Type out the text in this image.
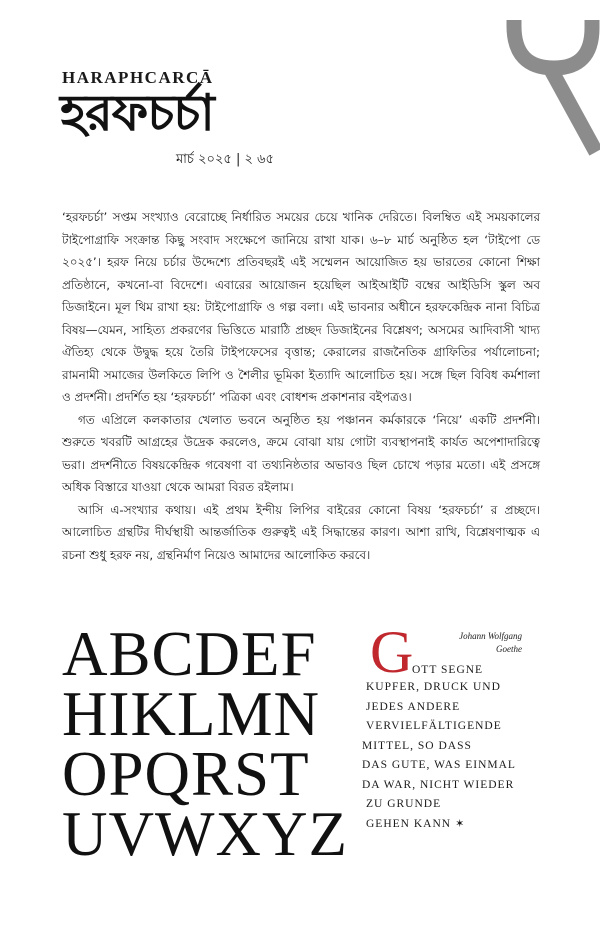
HARAPHCARCĀ
হরফচর্চা
মার্চ ২০২৫ | ২ ৬৫

‘হরফচর্চা’ সপ্তম সংখ্যাও বেরোচ্ছে নির্ধারিত সময়ের চেয়ে খানিক দেরিতে। বিলম্বিত এই সময়কালের টাইপোগ্রাফি সংক্রান্ত কিছু সংবাদ সংক্ষেপে জানিয়ে রাখা যাক। ৬–৮ মার্চ অনুষ্ঠিত হল ‘টাইপো ডে ২০২৫’। হরফ নিয়ে চর্চার উদ্দেশ্যে প্রতিবছরই এই সম্মেলন আয়োজিত হয় ভারতের কোনো শিক্ষা প্রতিষ্ঠানে, কখনো-বা বিদেশে। এবারের আয়োজন হয়েছিল আইআইটি বম্বের আইডিসি স্কুল অব ডিজাইনে। মূল থিম রাখা হয়: টাইপোগ্রাফি ও গল্প বলা। এই ভাবনার অধীনে হরফকেন্দ্রিক নানা বিচিত্র বিষয়—যেমন, সাহিত্য প্রকরণের ভিত্তিতে মারাঠি প্রচ্ছদ ডিজাইনের বিশ্লেষণ; অসমের আদিবাসী খাদ্য ঐতিহ্য থেকে উদ্বুদ্ধ হয়ে তৈরি টাইপফেসের বৃত্তান্ত; কেরালের রাজনৈতিক গ্রাফিতির পর্যালোচনা; রামনামী সমাজের উলকিতে লিপি ও শৈলীর ভূমিকা ইত্যাদি আলোচিত হয়। সঙ্গে ছিল বিবিধ কর্মশালা ও প্রদর্শনী। প্রদর্শিত হয় ‘হরফচর্চা’ পত্রিকা এবং বোধশব্দ প্রকাশনার বইপত্রও।

গত এপ্রিলে কলকাতার খেলাত ভবনে অনুষ্ঠিত হয় পঞ্চানন কর্মকারকে ‘নিয়ে’ একটি প্রদর্শনী। শুরুতে খবরটি আগ্রহের উদ্রেক করলেও, ক্রমে বোঝা যায় গোটা ব্যবস্থাপনাই কার্যত অপেশাদারিত্বে ভরা। প্রদর্শনীতে বিষয়কেন্দ্রিক গবেষণা বা তথ্যনিষ্ঠতার অভাবও ছিল চোখে পড়ার মতো। এই প্রসঙ্গে অধিক বিস্তারে যাওয়া থেকে আমরা বিরত রইলাম।

আসি এ-সংখ্যার কথায়। এই প্রথম ইন্দীয় লিপির বাইরের কোনো বিষয় ‘হরফচর্চা’ র প্রচ্ছদে। আলোচিত গ্রন্থটির দীর্ঘস্থায়ী আন্তর্জাতিক গুরুত্বই এই সিদ্ধান্তের কারণ। আশা রাখি, বিশ্লেষণাত্মক এ রচনা শুধু হরফ নয়, গ্রন্থনির্মাণ নিয়েও আমাদের আলোকিত করবে।

ABCDEF
HIKLMN
OPQRST
UVWXYZ
Johann Wolfgang
Goethe
G
OTT SEGNE
KUPFER, DRUCK UND
JEDES ANDERE
VERVIELFÄLTIGENDE
MITTEL, SO DASS
DAS GUTE, WAS EINMAL
DA WAR, NICHT WIEDER
ZU GRUNDE
GEHEN KANN ✶
